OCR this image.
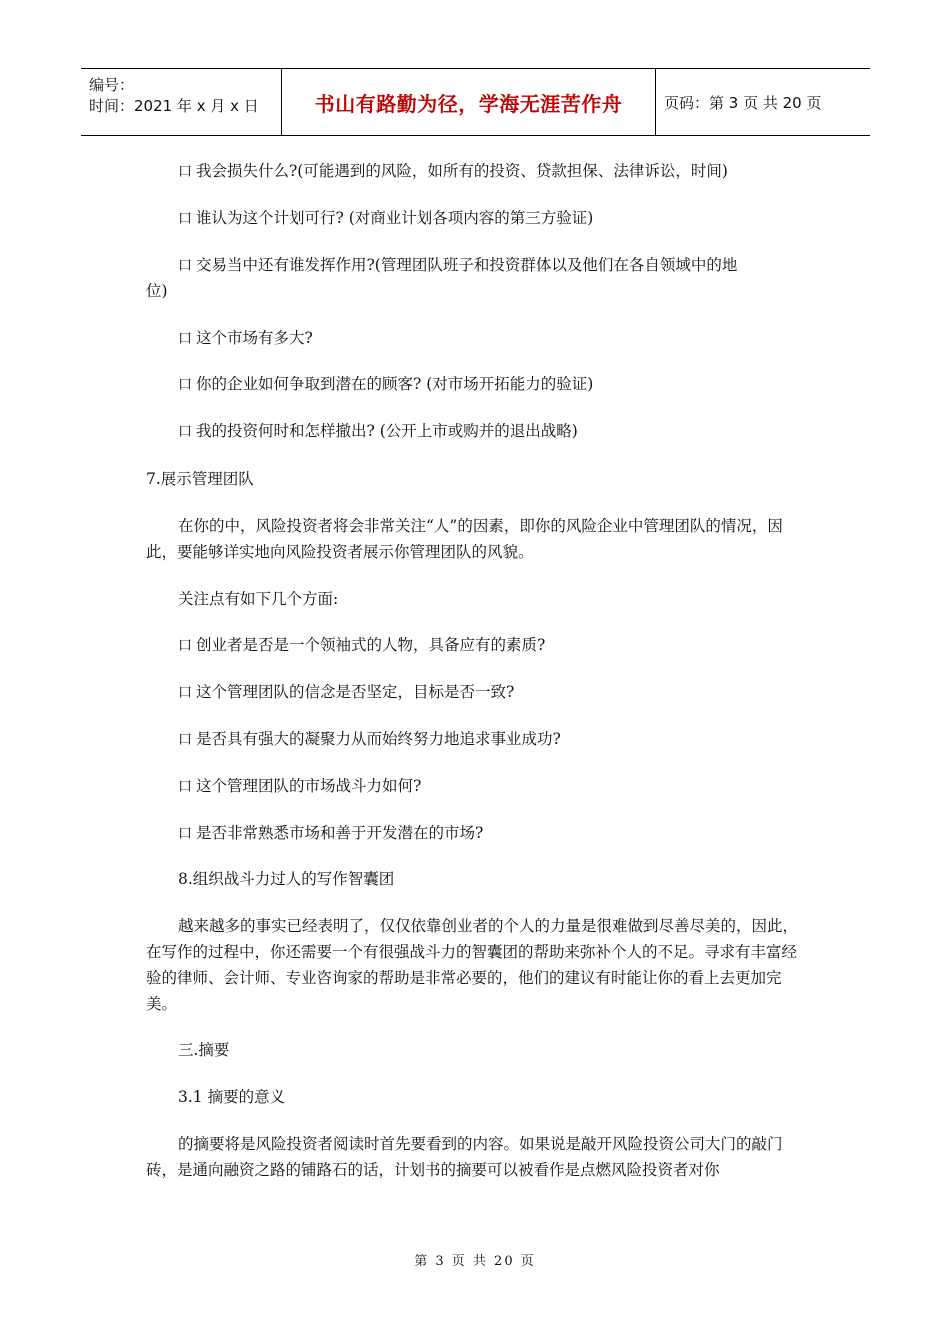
编号：
时间：2021 年 x 月 x 日	书山有路勤为径，学海无涯苦作舟	页码：第 3 页 共 20 页
口 我会损失什么?(可能遇到的风险，如所有的投资、贷款担保、法律诉讼，时间)
口 谁认为这个计划可行? (对商业计划各项内容的第三方验证)
口 交易当中还有谁发挥作用?(管理团队班子和投资群体以及他们在各自领域中的地
位)
口 这个市场有多大?
口 你的企业如何争取到潜在的顾客? (对市场开拓能力的验证)
口 我的投资何时和怎样撤出? (公开上市或购并的退出战略)
7.展示管理团队
在你的中，风险投资者将会非常关注“人”的因素，即你的风险企业中管理团队的情况，因此，要能够详实地向风险投资者展示你管理团队的风貌。
关注点有如下几个方面:
口 创业者是否是一个领袖式的人物，具备应有的素质?
口 这个管理团队的信念是否坚定，目标是否一致?
口 是否具有强大的凝聚力从而始终努力地追求事业成功?
口 这个管理团队的市场战斗力如何?
口 是否非常熟悉市场和善于开发潜在的市场?
8.组织战斗力过人的写作智囊团
越来越多的事实已经表明了，仅仅依靠创业者的个人的力量是很难做到尽善尽美的，因此，在写作的过程中，你还需要一个有很强战斗力的智囊团的帮助来弥补个人的不足。寻求有丰富经验的律师、会计师、专业咨询家的帮助是非常必要的，他们的建议有时能让你的看上去更加完美。
三.摘要
3.1 摘要的意义
的摘要将是风险投资者阅读时首先要看到的内容。如果说是敲开风险投资公司大门的敲门砖，是通向融资之路的铺路石的话，计划书的摘要可以被看作是点燃风险投资者对你
第 3 页 共 20 页
